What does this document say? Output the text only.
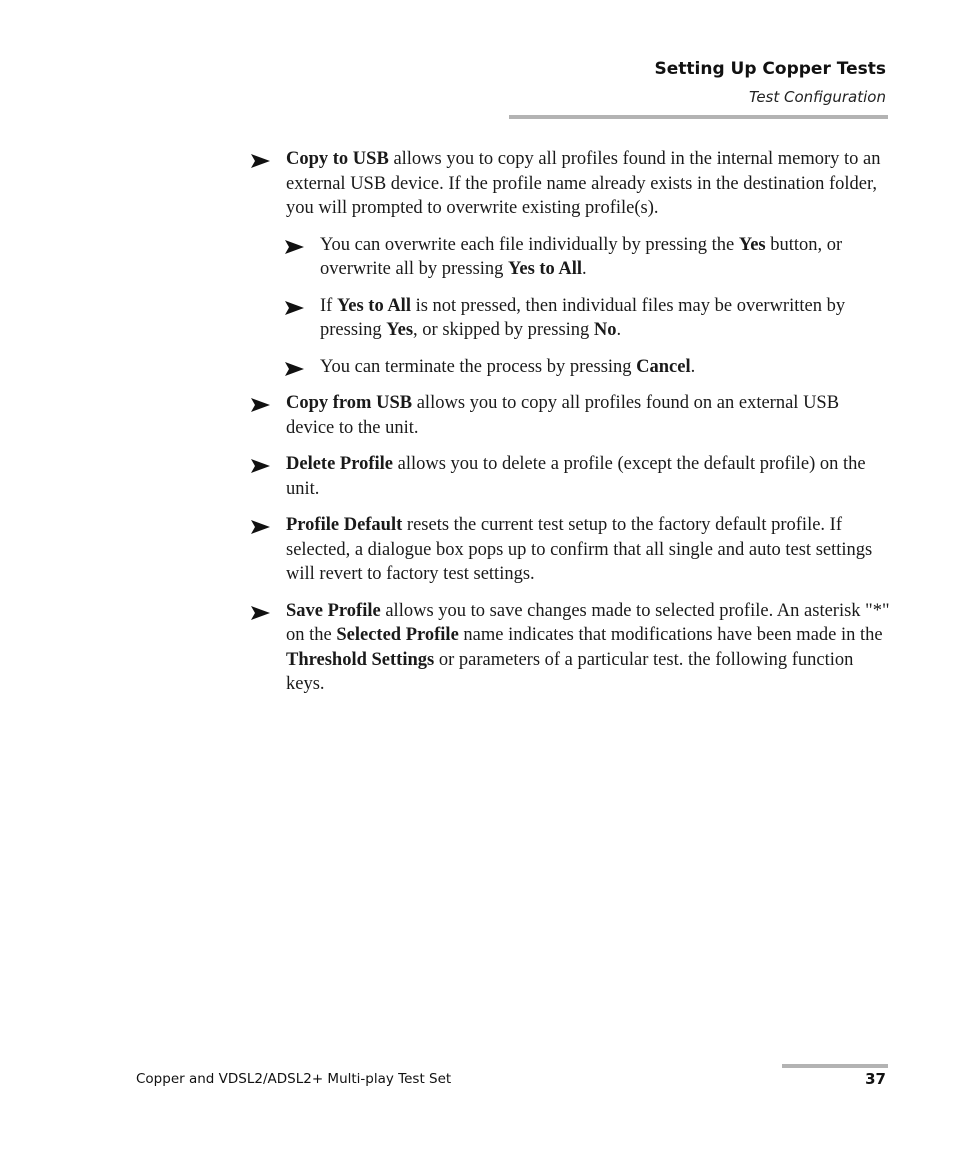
Setting Up Copper Tests
Test Configuration
Copy to USB allows you to copy all profiles found in the internal memory to an external USB device. If the profile name already exists in the destination folder, you will prompted to overwrite existing profile(s).
You can overwrite each file individually by pressing the Yes button, or overwrite all by pressing Yes to All.
If Yes to All is not pressed, then individual files may be overwritten by pressing Yes, or skipped by pressing No.
You can terminate the process by pressing Cancel.
Copy from USB allows you to copy all profiles found on an external USB device to the unit.
Delete Profile allows you to delete a profile (except the default profile) on the unit.
Profile Default resets the current test setup to the factory default profile. If selected, a dialogue box pops up to confirm that all single and auto test settings will revert to factory test settings.
Save Profile allows you to save changes made to selected profile. An asterisk "*" on the Selected Profile name indicates that modifications have been made in the Threshold Settings or parameters of a particular test. the following function keys.
Copper and VDSL2/ADSL2+ Multi-play Test Set	37
